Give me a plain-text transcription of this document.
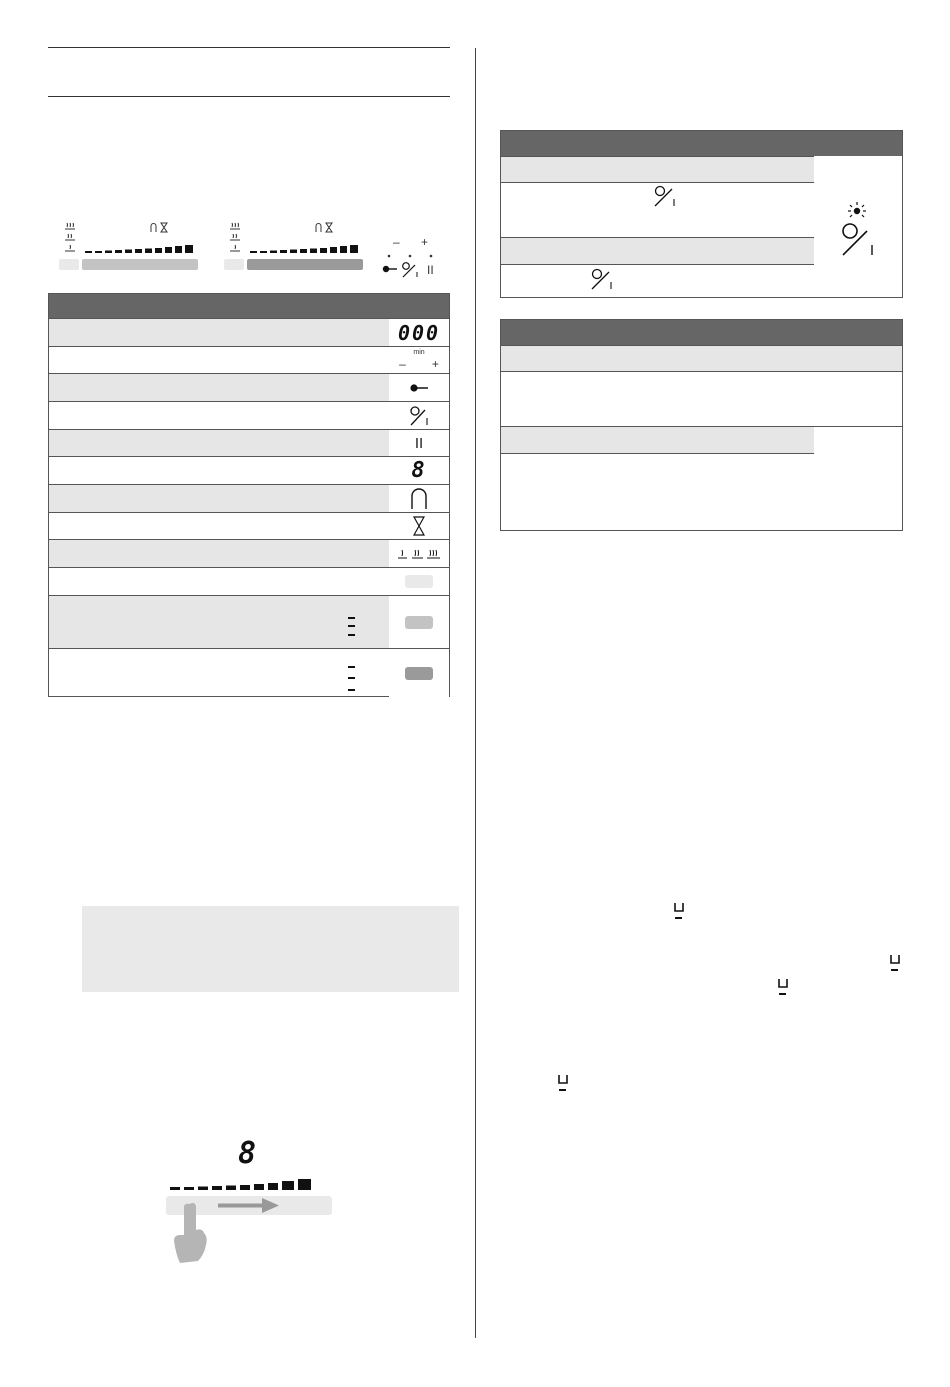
– +
II
000
min
– +
II
8
8
